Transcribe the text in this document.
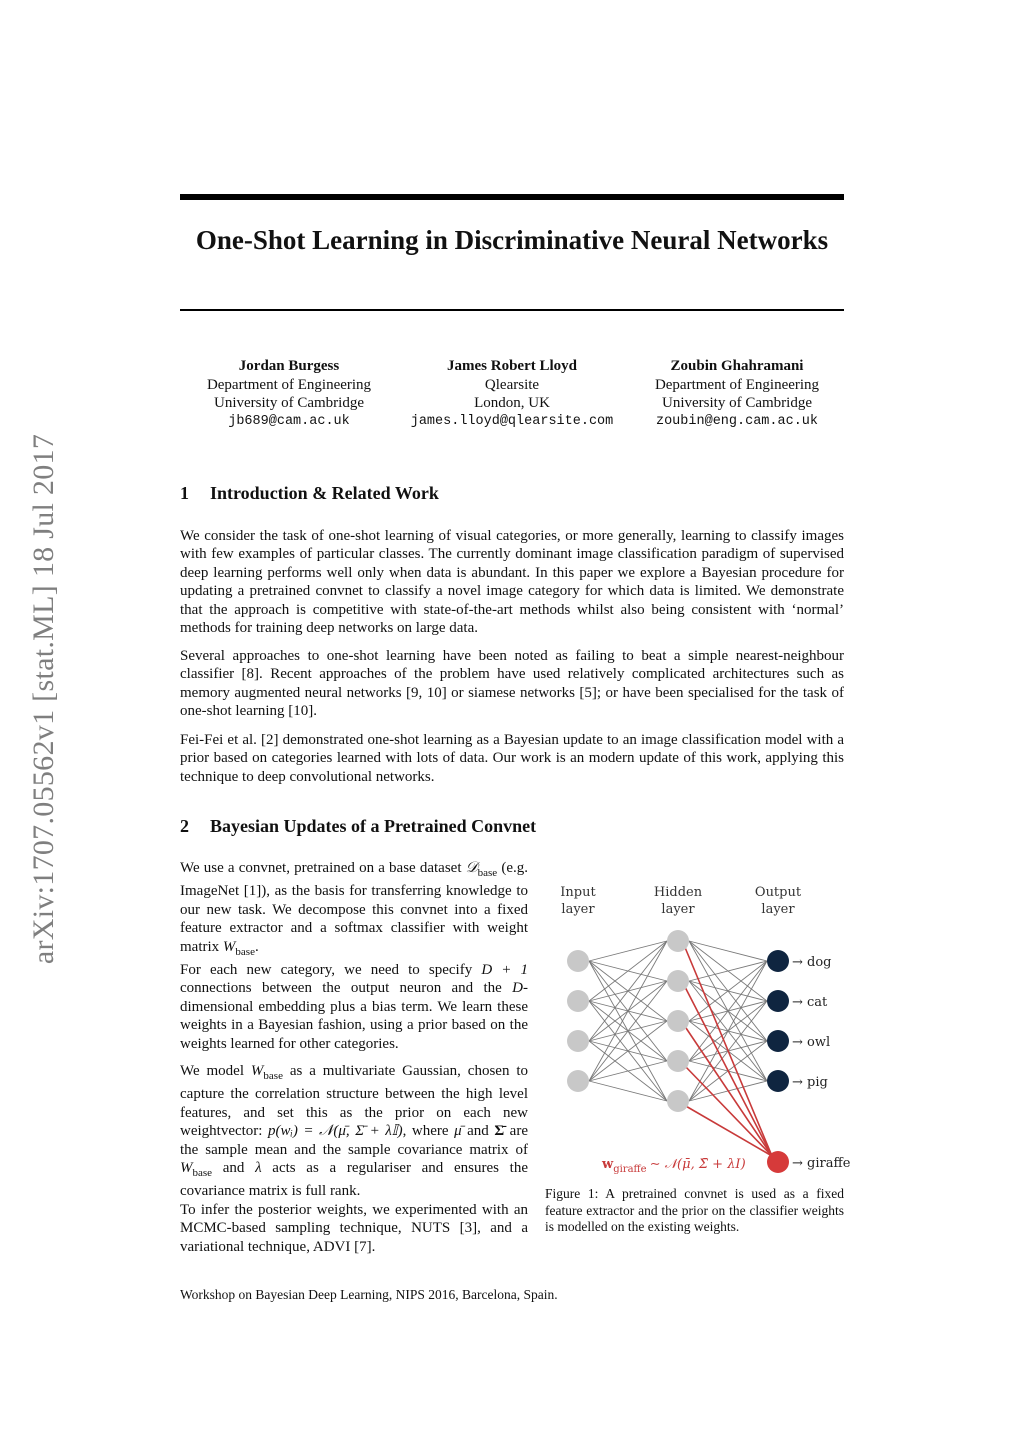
arXiv:1707.05562v1 [stat.ML] 18 Jul 2017
One-Shot Learning in Discriminative Neural Networks
Jordan Burgess
Department of Engineering
University of Cambridge
jb689@cam.ac.uk
James Robert Lloyd
Qlearsite
London, UK
james.lloyd@qlearsite.com
Zoubin Ghahramani
Department of Engineering
University of Cambridge
zoubin@eng.cam.ac.uk
1 Introduction & Related Work

We consider the task of one-shot learning of visual categories, or more generally, learning to classify images with few examples of particular classes. The currently dominant image classification paradigm of supervised deep learning performs well only when data is abundant. In this paper we explore a Bayesian procedure for updating a pretrained convnet to classify a novel image category for which data is limited. We demonstrate that the approach is competitive with state-of-the-art methods whilst also being consistent with ‘normal’ methods for training deep networks on large data.

Several approaches to one-shot learning have been noted as failing to beat a simple nearest-neighbour classifier [8]. Recent approaches of the problem have used relatively complicated architectures such as memory augmented neural networks [9, 10] or siamese networks [5]; or have been specialised for the task of one-shot learning [10].

Fei-Fei et al. [2] demonstrated one-shot learning as a Bayesian update to an image classification model with a prior based on categories learned with lots of data. Our work is an modern update of this work, applying this technique to deep convolutional networks.

2 Bayesian Updates of a Pretrained Convnet

We use a convnet, pretrained on a base dataset 𝒟$_{base}$ (e.g. ImageNet [1]), as the basis for transferring knowledge to our new task. We decompose this convnet into a fixed feature extractor and a softmax classifier with weight matrix $W_{base}$.

For each new category, we need to specify D + 1 connections between the output neuron and the D-dimensional embedding plus a bias term. We learn these weights in a Bayesian fashion, using a prior based on the weights learned for other categories.

We model $W_{base}$ as a multivariate Gaussian, chosen to capture the correlation structure between the high level features, and set this as the prior on each new weightvector: p(wᵢ) = 𝒩(μ̄, Σ̄ + λ𝕀), where μ̄ and Σ̄ are the sample mean and the sample covariance matrix of $W_{base}$ and λ acts as a regulariser and ensures the covariance matrix is full rank.

To infer the posterior weights, we experimented with an MCMC-based sampling technique, NUTS [3], and a variational technique, ADVI [7].

Input
layer
Hidden
layer
Output
layer
→ dog
→ cat
→ owl
→ pig
→ giraffe
$w_{giraffe}$ ∼ 𝒩(μ̄, Σ̄ + λI)

Figure 1: A pretrained convnet is used as a fixed feature extractor and the prior on the classifier weights is modelled on the existing weights.

Workshop on Bayesian Deep Learning, NIPS 2016, Barcelona, Spain.
